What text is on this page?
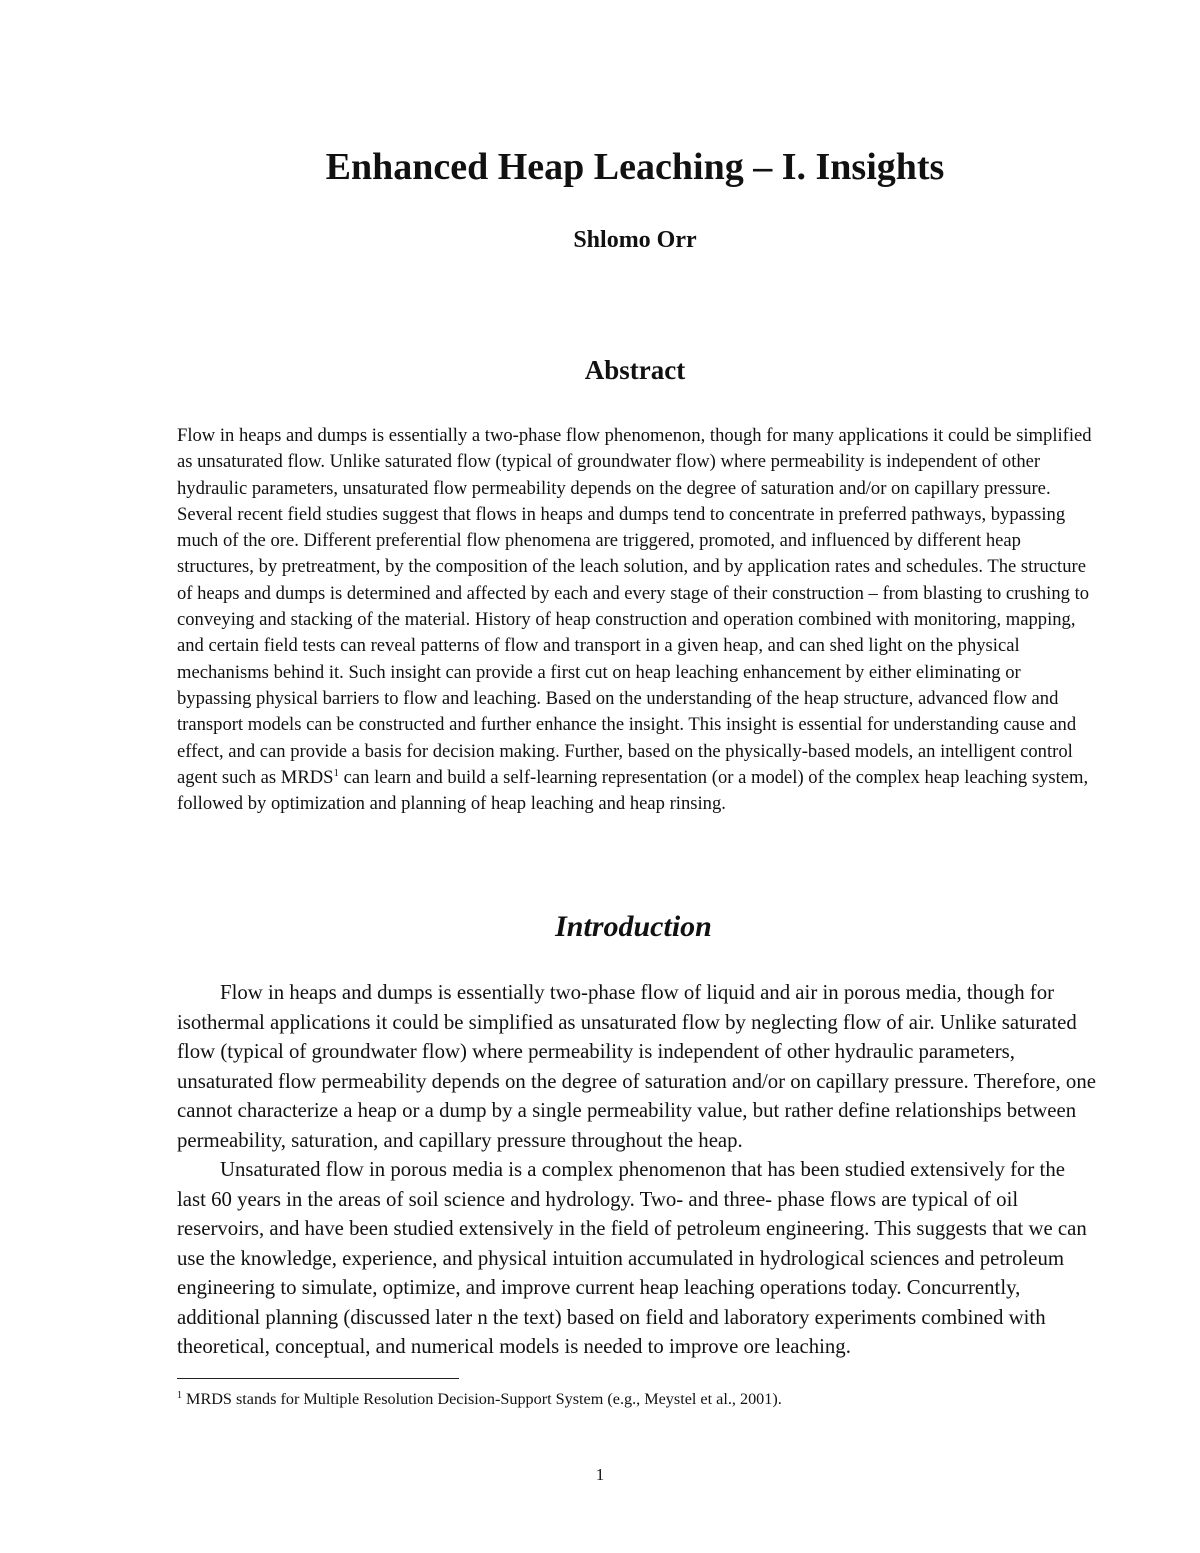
Enhanced Heap Leaching – I. Insights
Shlomo Orr
Abstract

Flow in heaps and dumps is essentially a two-phase flow phenomenon, though for many applications it could be simplified as unsaturated flow. Unlike saturated flow (typical of groundwater flow) where permeability is independent of other hydraulic parameters, unsaturated flow permeability depends on the degree of saturation and/or on capillary pressure. Several recent field studies suggest that flows in heaps and dumps tend to concentrate in preferred pathways, bypassing much of the ore. Different preferential flow phenomena are triggered, promoted, and influenced by different heap structures, by pretreatment, by the composition of the leach solution, and by application rates and schedules. The structure of heaps and dumps is determined and affected by each and every stage of their construction – from blasting to crushing to conveying and stacking of the material. History of heap construction and operation combined with monitoring, mapping, and certain field tests can reveal patterns of flow and transport in a given heap, and can shed light on the physical mechanisms behind it. Such insight can provide a first cut on heap leaching enhancement by either eliminating or bypassing physical barriers to flow and leaching. Based on the understanding of the heap structure, advanced flow and transport models can be constructed and further enhance the insight. This insight is essential for understanding cause and effect, and can provide a basis for decision making. Further, based on the physically-based models, an intelligent control agent such as MRDS$^1$ can learn and build a self-learning representation (or a model) of the complex heap leaching system, followed by optimization and planning of heap leaching and heap rinsing.

Introduction

Flow in heaps and dumps is essentially two-phase flow of liquid and air in porous media, though for isothermal applications it could be simplified as unsaturated flow by neglecting flow of air. Unlike saturated flow (typical of groundwater flow) where permeability is independent of other hydraulic parameters, unsaturated flow permeability depends on the degree of saturation and/or on capillary pressure. Therefore, one cannot characterize a heap or a dump by a single permeability value, but rather define relationships between permeability, saturation, and capillary pressure throughout the heap.

Unsaturated flow in porous media is a complex phenomenon that has been studied extensively for the last 60 years in the areas of soil science and hydrology. Two- and three- phase flows are typical of oil reservoirs, and have been studied extensively in the field of petroleum engineering. This suggests that we can use the knowledge, experience, and physical intuition accumulated in hydrological sciences and petroleum engineering to simulate, optimize, and improve current heap leaching operations today. Concurrently, additional planning (discussed later n the text) based on field and laboratory experiments combined with theoretical, conceptual, and numerical models is needed to improve ore leaching.

$^1$ MRDS stands for Multiple Resolution Decision-Support System (e.g., Meystel et al., 2001).

1
